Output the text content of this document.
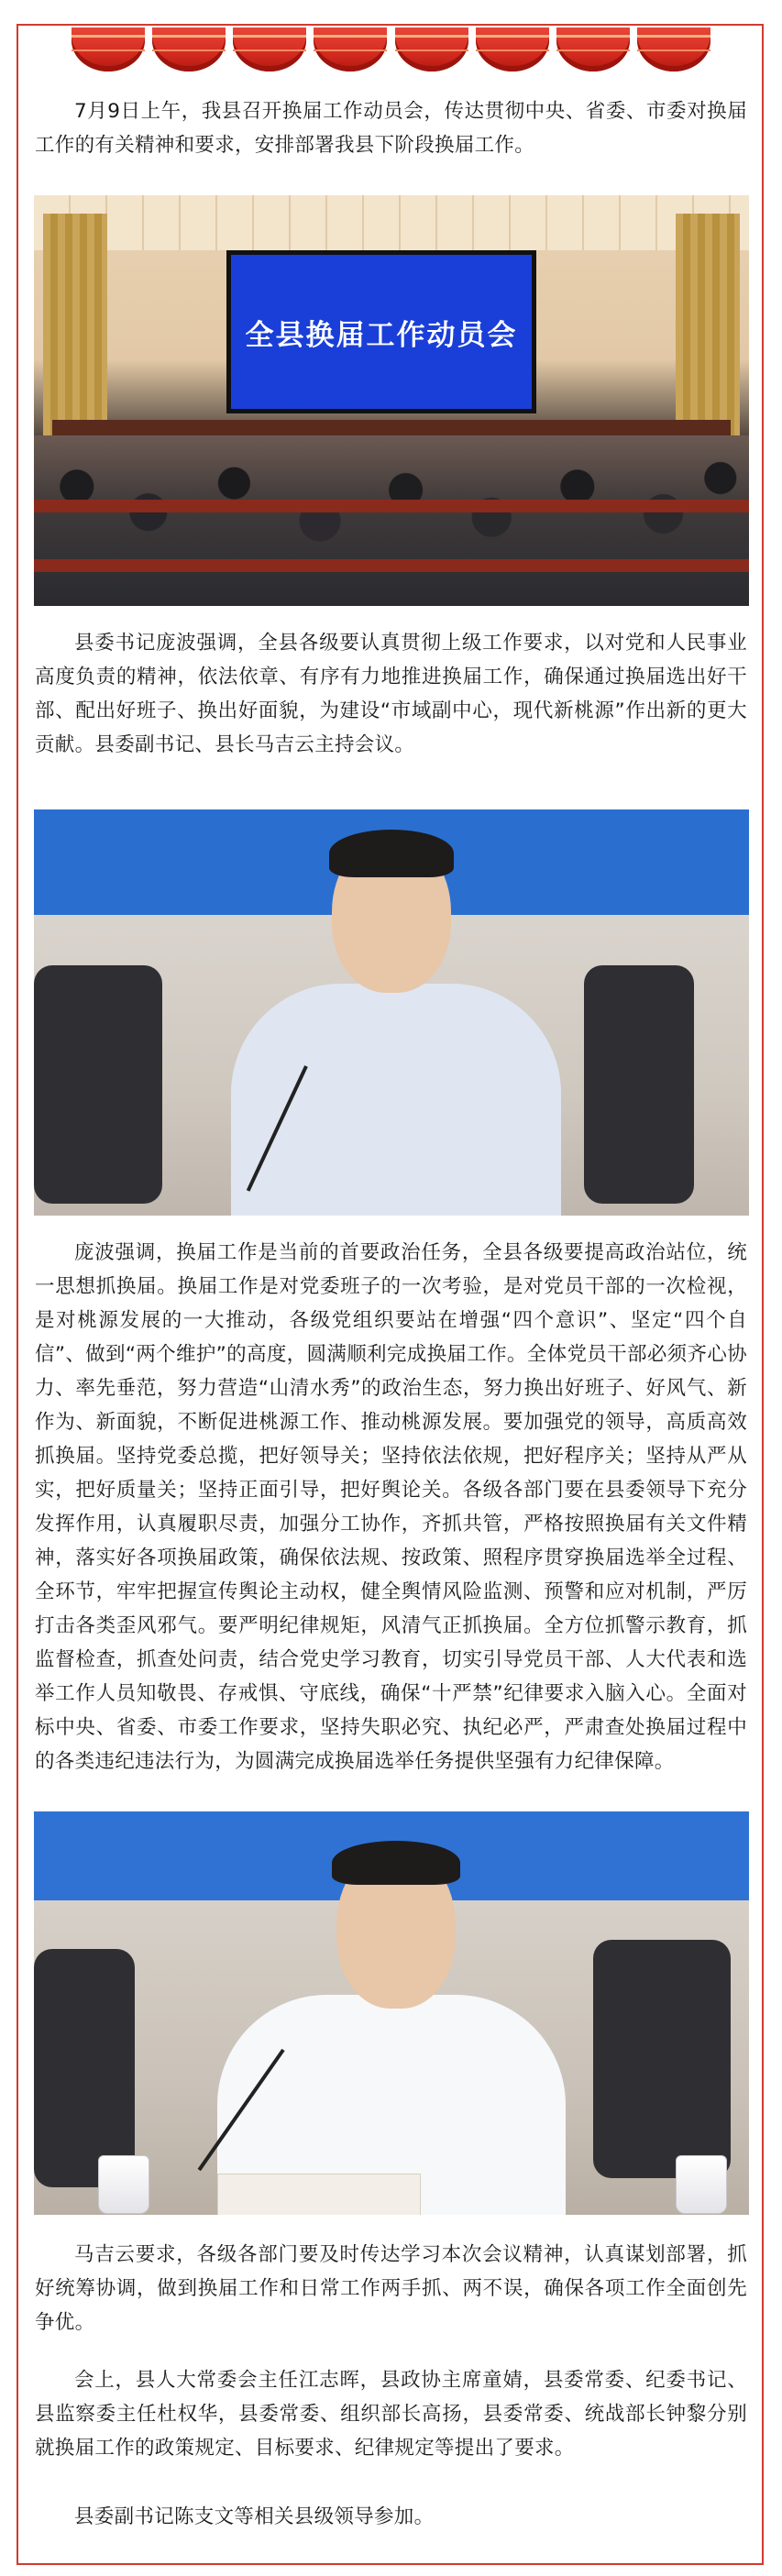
7月9日上午，我县召开换届工作动员会，传达贯彻中央、省委、市委对换届工作的有关精神和要求，安排部署我县下阶段换届工作。

全县换届工作动员会

县委书记庞波强调，全县各级要认真贯彻上级工作要求，以对党和人民事业高度负责的精神，依法依章、有序有力地推进换届工作，确保通过换届选出好干部、配出好班子、换出好面貌，为建设“市域副中心，现代新桃源”作出新的更大贡献。县委副书记、县长马吉云主持会议。

庞波强调，换届工作是当前的首要政治任务，全县各级要提高政治站位，统一思想抓换届。换届工作是对党委班子的一次考验，是对党员干部的一次检视，是对桃源发展的一大推动，各级党组织要站在增强“四个意识”、坚定“四个自信”、做到“两个维护”的高度，圆满顺利完成换届工作。全体党员干部必须齐心协力、率先垂范，努力营造“山清水秀”的政治生态，努力换出好班子、好风气、新作为、新面貌，不断促进桃源工作、推动桃源发展。要加强党的领导，高质高效抓换届。坚持党委总揽，把好领导关；坚持依法依规，把好程序关；坚持从严从实，把好质量关；坚持正面引导，把好舆论关。各级各部门要在县委领导下充分发挥作用，认真履职尽责，加强分工协作，齐抓共管，严格按照换届有关文件精神，落实好各项换届政策，确保依法规、按政策、照程序贯穿换届选举全过程、全环节，牢牢把握宣传舆论主动权，健全舆情风险监测、预警和应对机制，严厉打击各类歪风邪气。要严明纪律规矩，风清气正抓换届。全方位抓警示教育，抓监督检查，抓查处问责，结合党史学习教育，切实引导党员干部、人大代表和选举工作人员知敬畏、存戒惧、守底线，确保“十严禁”纪律要求入脑入心。全面对标中央、省委、市委工作要求，坚持失职必究、执纪必严，严肃查处换届过程中的各类违纪违法行为，为圆满完成换届选举任务提供坚强有力纪律保障。

马吉云要求，各级各部门要及时传达学习本次会议精神，认真谋划部署，抓好统筹协调，做到换届工作和日常工作两手抓、两不误，确保各项工作全面创先争优。

会上，县人大常委会主任江志晖，县政协主席童婧，县委常委、纪委书记、县监察委主任杜权华，县委常委、组织部长高扬，县委常委、统战部长钟黎分别就换届工作的政策规定、目标要求、纪律规定等提出了要求。

县委副书记陈支文等相关县级领导参加。
